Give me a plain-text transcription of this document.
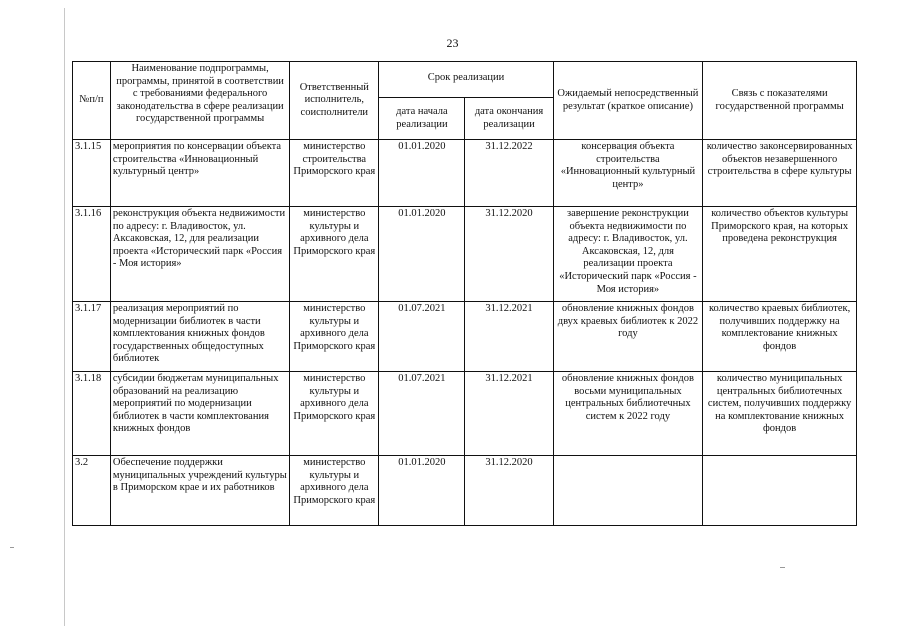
23
№п/п	Наименование подпрограммы, программы, принятой в соответствии с требованиями федерального законодательства в сфере реализации государственной программы	Ответственный исполнитель, соисполнители	Срок реализации		Ожидаемый непосредственный результат (краткое описание)	Связь с показателями государственной программы
			дата начала реализации	дата окончания реализации		
3.1.15	мероприятия по консервации объекта строительства «Инновационный культурный центр»	министерство строительства Приморского края	01.01.2020	31.12.2022	консервация объекта строительства «Инновационный культурный центр»	количество законсервированных объектов незавершенного строительства в сфере культуры
3.1.16	реконструкция объекта недвижимости по адресу: г. Владивосток, ул. Аксаковская, 12, для реализации проекта «Исторический парк «Россия - Моя история»	министерство культуры и архивного дела Приморского края	01.01.2020	31.12.2020	завершение реконструкции объекта недвижимости по адресу: г. Владивосток, ул. Аксаковская, 12, для реализации проекта «Исторический парк «Россия - Моя история»	количество объектов культуры Приморского края, на которых проведена реконструкция
3.1.17	реализация мероприятий по модернизации библиотек в части комплектования книжных фондов государственных общедоступных библиотек	министерство культуры и архивного дела Приморского края	01.07.2021	31.12.2021	обновление книжных фондов двух краевых библиотек к 2022 году	количество краевых библиотек, получивших поддержку на комплектование книжных фондов
3.1.18	субсидии бюджетам муниципальных образований на реализацию мероприятий по модернизации библиотек в части комплектования книжных фондов	министерство культуры и архивного дела Приморского края	01.07.2021	31.12.2021	обновление книжных фондов восьми муниципальных центральных библиотечных систем к 2022 году	количество муниципальных центральных библиотечных систем, получивших поддержку на комплектование книжных фондов
3.2	Обеспечение поддержки муниципальных учреждений культуры в Приморском крае и их работников	министерство культуры и архивного дела Приморского края	01.01.2020	31.12.2020		
